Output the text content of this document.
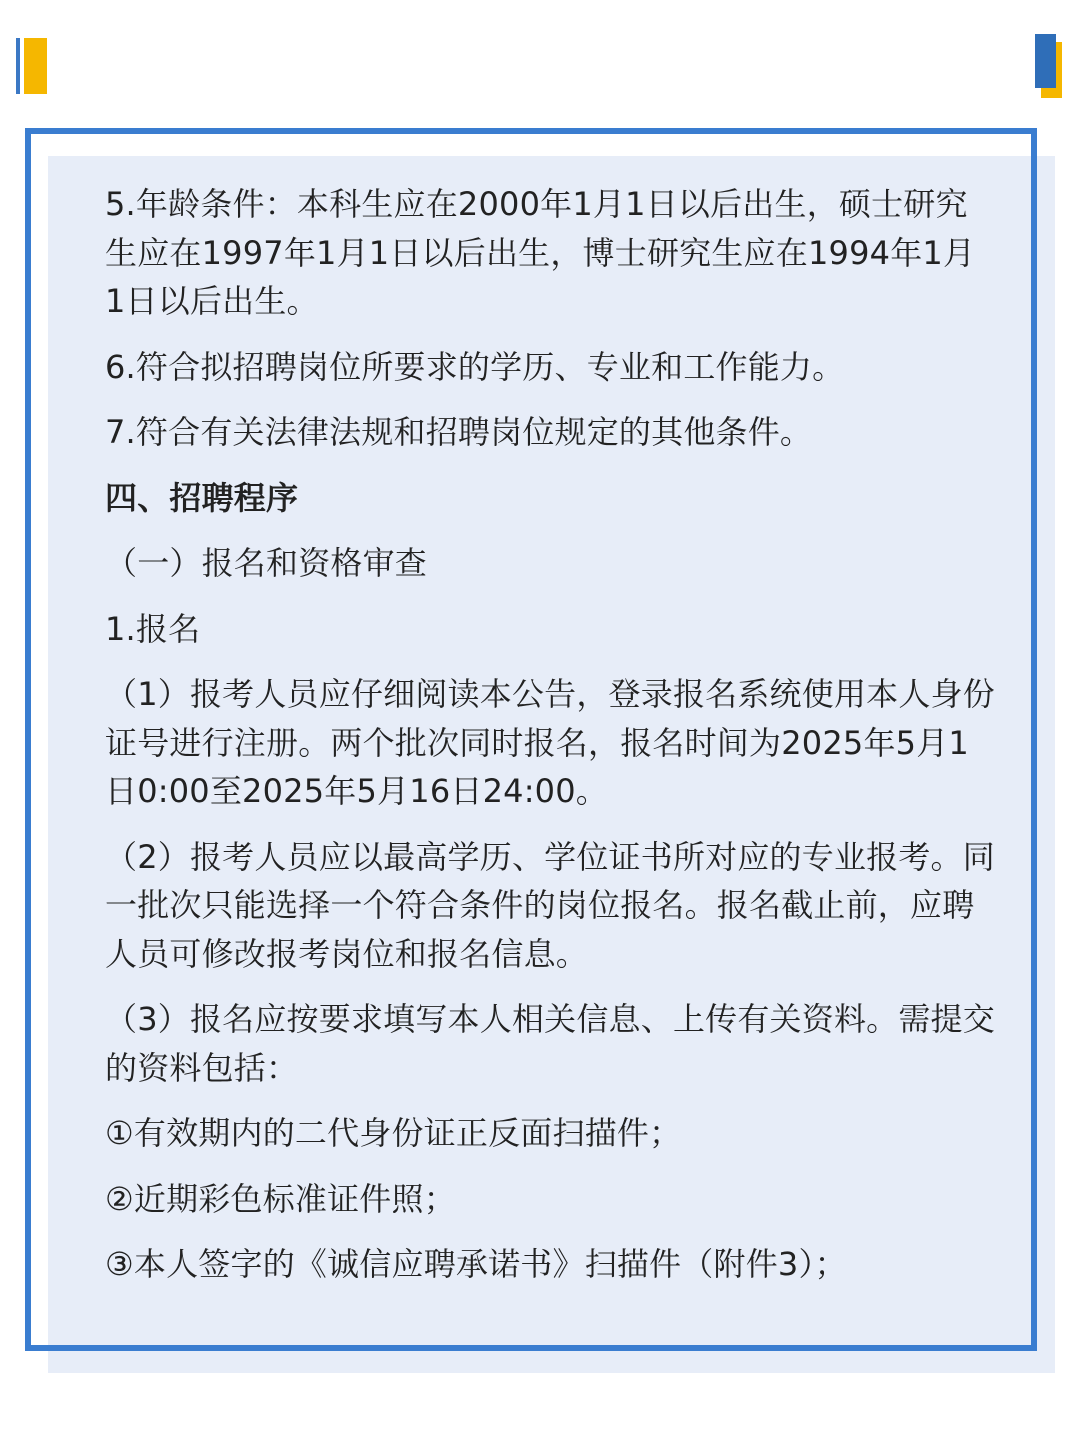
5.年龄条件：本科生应在2000年1月1日以后出生，硕士研究生应在1997年1月1日以后出生，博士研究生应在1994年1月1日以后出生。

6.符合拟招聘岗位所要求的学历、专业和工作能力。

7.符合有关法律法规和招聘岗位规定的其他条件。

四、招聘程序

（一）报名和资格审查

1.报名

（1）报考人员应仔细阅读本公告，登录报名系统使用本人身份证号进行注册。两个批次同时报名，报名时间为2025年5月1日0:00至2025年5月16日24:00。

（2）报考人员应以最高学历、学位证书所对应的专业报考。同一批次只能选择一个符合条件的岗位报名。报名截止前，应聘人员可修改报考岗位和报名信息。

（3）报名应按要求填写本人相关信息、上传有关资料。需提交的资料包括：

①有效期内的二代身份证正反面扫描件；

②近期彩色标准证件照；

③本人签字的《诚信应聘承诺书》扫描件（附件3）；
